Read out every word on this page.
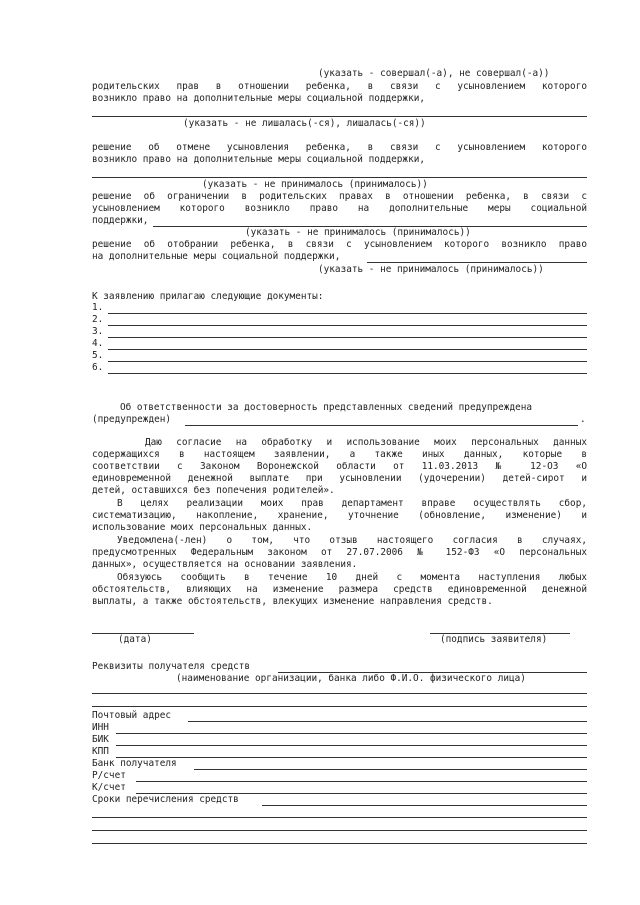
(указать - совершал(-а), не совершал(-а))
родительских прав в отношении ребенка, в связи с усыновлением которого
возникло право на дополнительные меры социальной поддержки,
(указать - не лишалась(-ся), лишалась(-ся))
решение об отмене усыновления ребенка, в связи с усыновлением которого
возникло право на дополнительные меры социальной поддержки,
(указать - не принималось (принималось))
решение об ограничении в родительских правах в отношении ребенка, в связи с
усыновлением которого возникло право на дополнительные меры социальной
поддержки,
(указать - не принималось (принималось))
решение об отобрании ребенка, в связи с усыновлением которого возникло право
на дополнительные меры социальной поддержки,
(указать - не принималось (принималось))
К заявлению прилагаю следующие документы:
1.
2.
3.
4.
5.
6.
Об ответственности за достоверность представленных сведений предупреждена
(предупрежден)	.
Даю согласие на обработку и использование моих персональных данных
содержащихся в настоящем заявлении, а также иных данных, которые в
соответствии с Законом Воронежской области от 11.03.2013 № 12-ОЗ «О
единовременной денежной выплате при усыновлении (удочерении) детей-сирот и
детей, оставшихся без попечения родителей».
В целях реализации моих прав департамент вправе осуществлять сбор,
систематизацию, накопление, хранение, уточнение (обновление, изменение) и
использование моих персональных данных.
Уведомлена(-лен) о том, что отзыв настоящего согласия в случаях,
предусмотренных Федеральным законом от 27.07.2006 № 152-ФЗ «О персональных
данных», осуществляется на основании заявления.
Обязуюсь сообщить в течение 10 дней с момента наступления любых
обстоятельств, влияющих на изменение размера средств единовременной денежной
выплаты, а также обстоятельств, влекущих изменение направления средств.
(дата)	(подпись заявителя)
Реквизиты получателя средств
(наименование организации, банка либо Ф.И.О. физического лица)
Почтовый адрес
ИНН
БИК
КПП
Банк получателя
Р/счет
К/счет
Сроки перечисления средств
